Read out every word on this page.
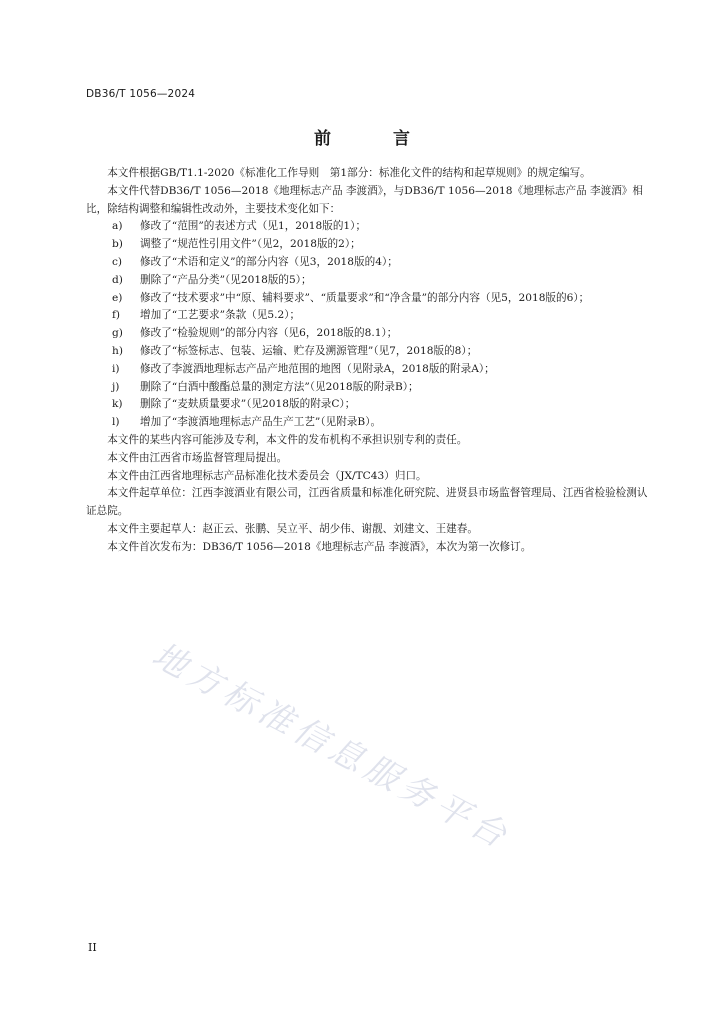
DB36/T 1056—2024
前 言

本文件根据GB/T1.1-2020《标准化工作导则　第1部分：标准化文件的结构和起草规则》的规定编写。

本文件代替DB36/T 1056—2018《地理标志产品 李渡酒》，与DB36/T 1056—2018《地理标志产品 李渡酒》相比，除结构调整和编辑性改动外，主要技术变化如下：

a)	修改了“范围”的表述方式（见1，2018版的1）；
b)	调整了“规范性引用文件”（见2，2018版的2）；
c)	修改了“术语和定义”的部分内容（见3，2018版的4）；
d)	删除了“产品分类”（见2018版的5）；
e)	修改了“技术要求”中“原、辅料要求”、“质量要求”和“净含量”的部分内容（见5，2018版的6）；
f)	增加了“工艺要求”条款（见5.2）；
g)	修改了“检验规则”的部分内容（见6，2018版的8.1）；
h)	修改了“标签标志、包装、运输、贮存及溯源管理”（见7，2018版的8）；
i)	修改了李渡酒地理标志产品产地范围的地图（见附录A，2018版的附录A）；
j)	删除了“白酒中酸酯总量的测定方法”（见2018版的附录B）；
k)	删除了“麦麸质量要求”（见2018版的附录C）；
l)	增加了“李渡酒地理标志产品生产工艺”（见附录B）。

本文件的某些内容可能涉及专利，本文件的发布机构不承担识别专利的责任。

本文件由江西省市场监督管理局提出。

本文件由江西省地理标志产品标准化技术委员会（JX/TC43）归口。

本文件起草单位：江西李渡酒业有限公司，江西省质量和标准化研究院、进贤县市场监督管理局、江西省检验检测认证总院。

本文件主要起草人：赵正云、张鹏、吴立平、胡少伟、谢靓、刘建文、王建春。

本文件首次发布为：DB36/T 1056—2018《地理标志产品 李渡酒》，本次为第一次修订。

地方标准信息服务平台
II
